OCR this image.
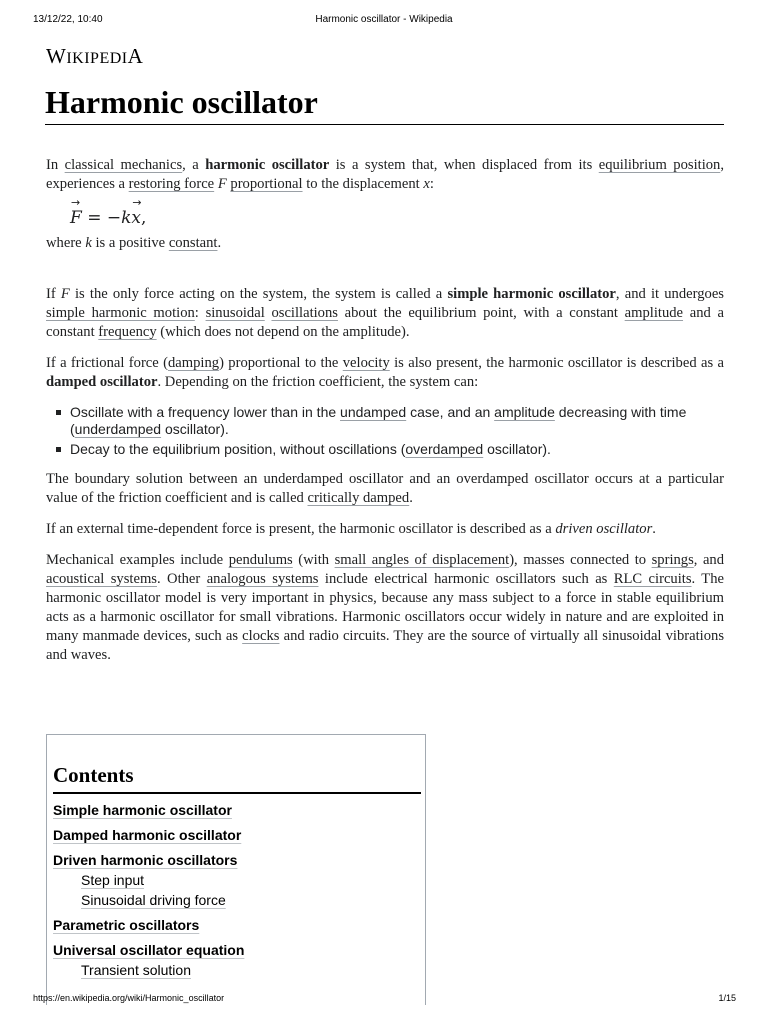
13/12/22, 10:40	Harmonic oscillator - Wikipedia
WIKIPEDIA
Harmonic oscillator

In classical mechanics, a harmonic oscillator is a system that, when displaced from its equilibrium position, experiences a restoring force F proportional to the displacement x:

F → = −kx →,

where k is a positive constant.

If F is the only force acting on the system, the system is called a simple harmonic oscillator, and it undergoes simple harmonic motion: sinusoidal oscillations about the equilibrium point, with a constant amplitude and a constant frequency (which does not depend on the amplitude).

If a frictional force (damping) proportional to the velocity is also present, the harmonic oscillator is described as a damped oscillator. Depending on the friction coefficient, the system can:

Oscillate with a frequency lower than in the undamped case, and an amplitude decreasing with time (underdamped oscillator).
Decay to the equilibrium position, without oscillations (overdamped oscillator).

The boundary solution between an underdamped oscillator and an overdamped oscillator occurs at a particular value of the friction coefficient and is called critically damped.

If an external time-dependent force is present, the harmonic oscillator is described as a driven oscillator.

Mechanical examples include pendulums (with small angles of displacement), masses connected to springs, and acoustical systems. Other analogous systems include electrical harmonic oscillators such as RLC circuits. The harmonic oscillator model is very important in physics, because any mass subject to a force in stable equilibrium acts as a harmonic oscillator for small vibrations. Harmonic oscillators occur widely in nature and are exploited in many manmade devices, such as clocks and radio circuits. They are the source of virtually all sinusoidal vibrations and waves.

Contents
Simple harmonic oscillator
Damped harmonic oscillator
Driven harmonic oscillators
Step input
Sinusoidal driving force
Parametric oscillators
Universal oscillator equation
Transient solution
https://en.wikipedia.org/wiki/Harmonic_oscillator	1/15
